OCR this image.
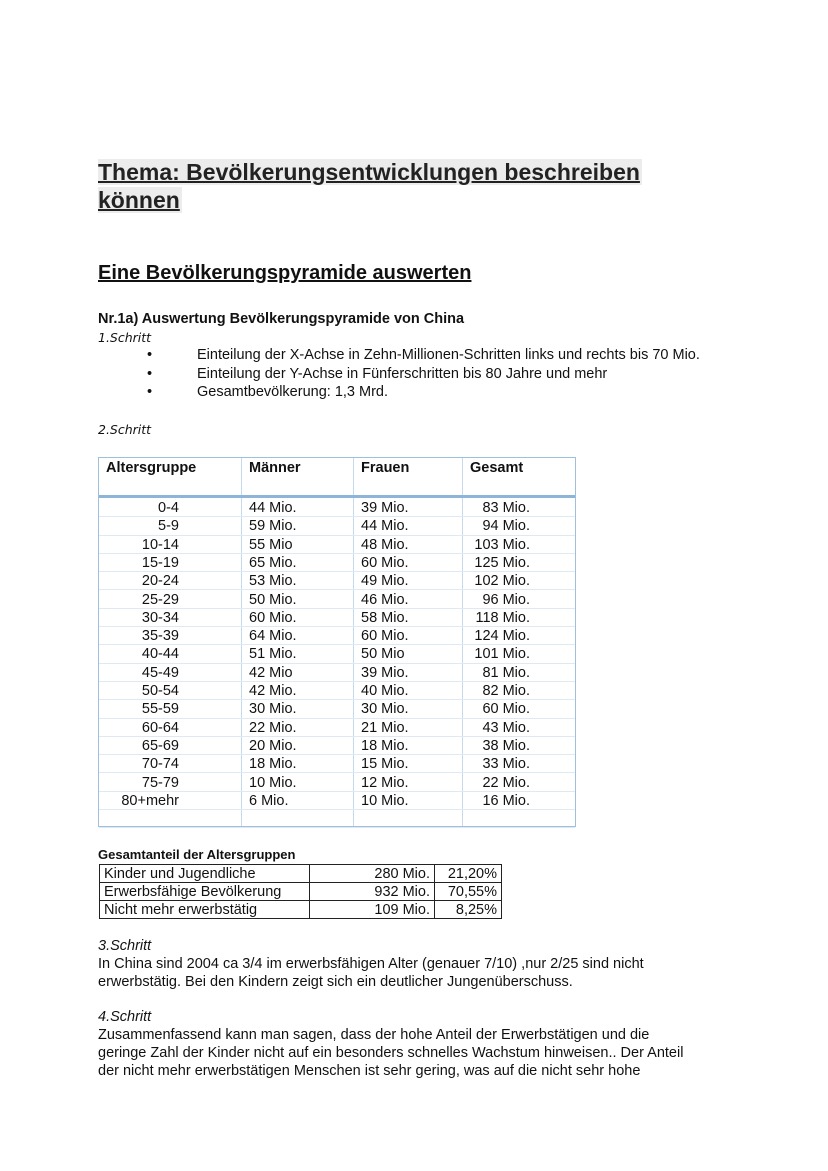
Thema: Bevölkerungsentwicklungen beschreiben
können
Eine Bevölkerungspyramide auswerten
Nr.1a) Auswertung Bevölkerungspyramide von China
1.Schritt
•	Einteilung der X-Achse in Zehn-Millionen-Schritten links und rechts bis 70 Mio.
•	Einteilung der Y-Achse in Fünferschritten bis 80 Jahre und mehr
•	Gesamtbevölkerung: 1,3 Mrd.
2.Schritt
Altersgruppe	Männer	Frauen	Gesamt
0-4	44 Mio.	39 Mio.	83 Mio.
5-9	59 Mio.	44 Mio.	94 Mio.
10-14	55 Mio	48 Mio.	103 Mio.
15-19	65 Mio.	60 Mio.	125 Mio.
20-24	53 Mio.	49 Mio.	102 Mio.
25-29	50 Mio.	46 Mio.	96 Mio.
30-34	60 Mio.	58 Mio.	118 Mio.
35-39	64 Mio.	60 Mio.	124 Mio.
40-44	51 Mio.	50 Mio	101 Mio.
45-49	42 Mio	39 Mio.	81 Mio.
50-54	42 Mio.	40 Mio.	82 Mio.
55-59	30 Mio.	30 Mio.	60 Mio.
60-64	22 Mio.	21 Mio.	43 Mio.
65-69	20 Mio.	18 Mio.	38 Mio.
70-74	18 Mio.	15 Mio.	33 Mio.
75-79	10 Mio.	12 Mio.	22 Mio.
80+mehr	6 Mio.	10 Mio.	16 Mio.
Gesamtanteil der Altersgruppen
Kinder und Jugendliche	280 Mio.	21,20%
Erwerbsfähige Bevölkerung	932 Mio.	70,55%
Nicht mehr erwerbstätig	109 Mio.	8,25%
3.Schritt
In China sind 2004 ca 3/4 im erwerbsfähigen Alter (genauer 7/10) ,nur 2/25 sind nicht
erwerbstätig. Bei den Kindern zeigt sich ein deutlicher Jungenüberschuss.
4.Schritt
Zusammenfassend kann man sagen, dass der hohe Anteil der Erwerbstätigen und die
geringe Zahl der Kinder nicht auf ein besonders schnelles Wachstum hinweisen.. Der Anteil
der nicht mehr erwerbstätigen Menschen ist sehr gering, was auf die nicht sehr hohe
